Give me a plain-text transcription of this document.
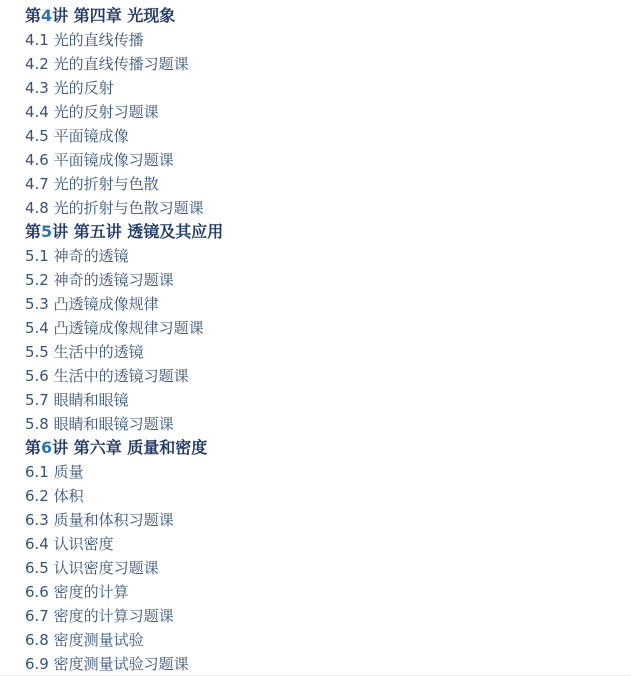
第4讲 第四章 光现象
4.1 光的直线传播
4.2 光的直线传播习题课
4.3 光的反射
4.4 光的反射习题课
4.5 平面镜成像
4.6 平面镜成像习题课
4.7 光的折射与色散
4.8 光的折射与色散习题课
第5讲 第五讲 透镜及其应用
5.1 神奇的透镜
5.2 神奇的透镜习题课
5.3 凸透镜成像规律
5.4 凸透镜成像规律习题课
5.5 生活中的透镜
5.6 生活中的透镜习题课
5.7 眼睛和眼镜
5.8 眼睛和眼镜习题课
第6讲 第六章 质量和密度
6.1 质量
6.2 体积
6.3 质量和体积习题课
6.4 认识密度
6.5 认识密度习题课
6.6 密度的计算
6.7 密度的计算习题课
6.8 密度测量试验
6.9 密度测量试验习题课
